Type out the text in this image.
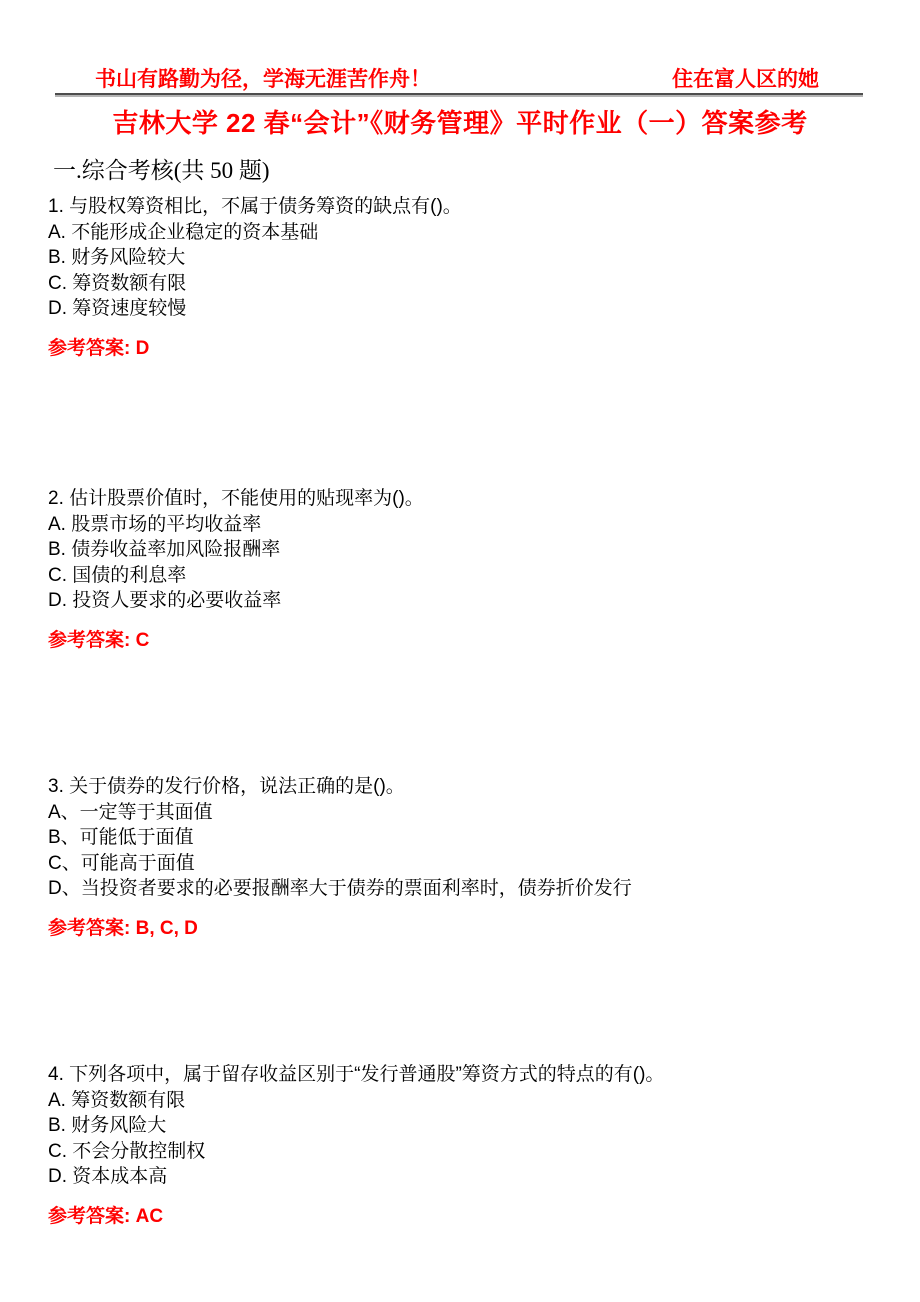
书山有路勤为径，学海无涯苦作舟！	住在富人区的她
吉林大学 22 春“会计”《财务管理》平时作业（一）答案参考
一.综合考核(共 50 题)
1. 与股权筹资相比，不属于债务筹资的缺点有()。
A. 不能形成企业稳定的资本基础
B. 财务风险较大
C. 筹资数额有限
D. 筹资速度较慢
参考答案: D
2. 估计股票价值时，不能使用的贴现率为()。
A. 股票市场的平均收益率
B. 债券收益率加风险报酬率
C. 国债的利息率
D. 投资人要求的必要收益率
参考答案: C
3. 关于债券的发行价格，说法正确的是()。
A、一定等于其面值
B、可能低于面值
C、可能高于面值
D、当投资者要求的必要报酬率大于债券的票面利率时，债券折价发行
参考答案: B, C, D
4. 下列各项中，属于留存收益区别于“发行普通股”筹资方式的特点的有()。
A. 筹资数额有限
B. 财务风险大
C. 不会分散控制权
D. 资本成本高
参考答案: AC
